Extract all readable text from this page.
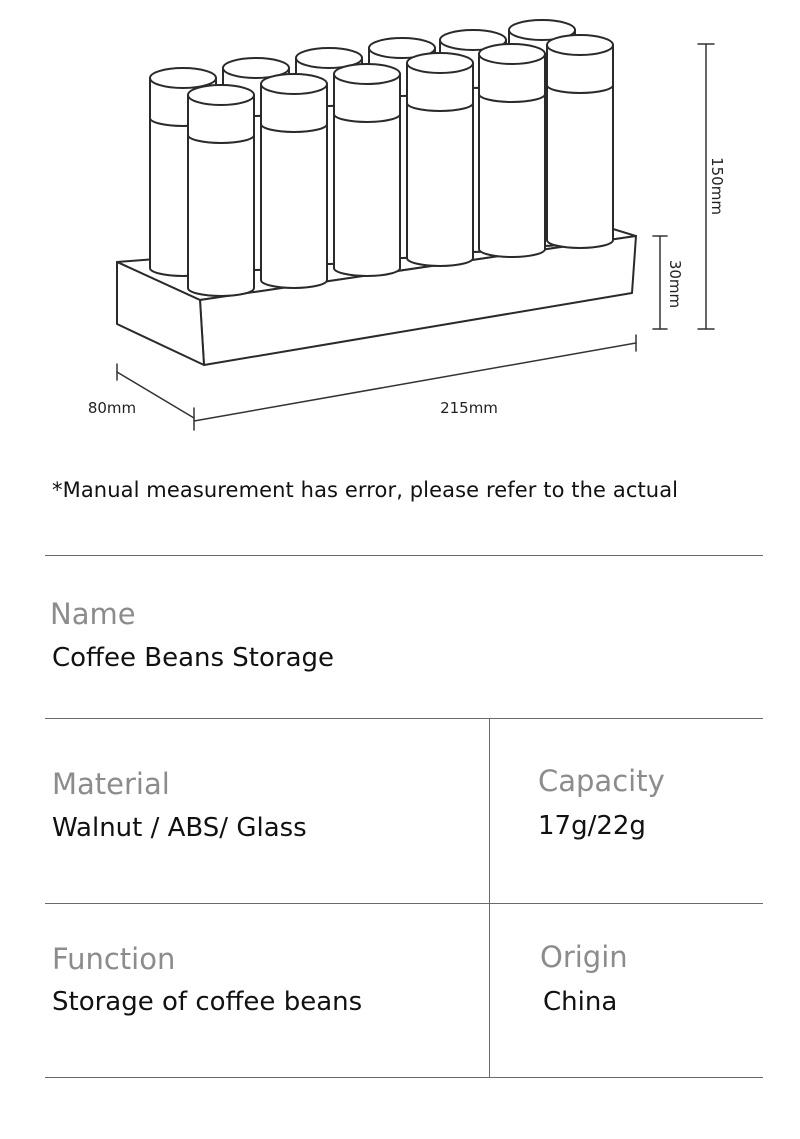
150mm
30mm
80mm	215mm
*Manual measurement has error, please refer to the actual
Name
Coffee Beans Storage
Material
Walnut / ABS/ Glass
Capacity
17g/22g
Function
Storage of coffee beans
Origin
China
